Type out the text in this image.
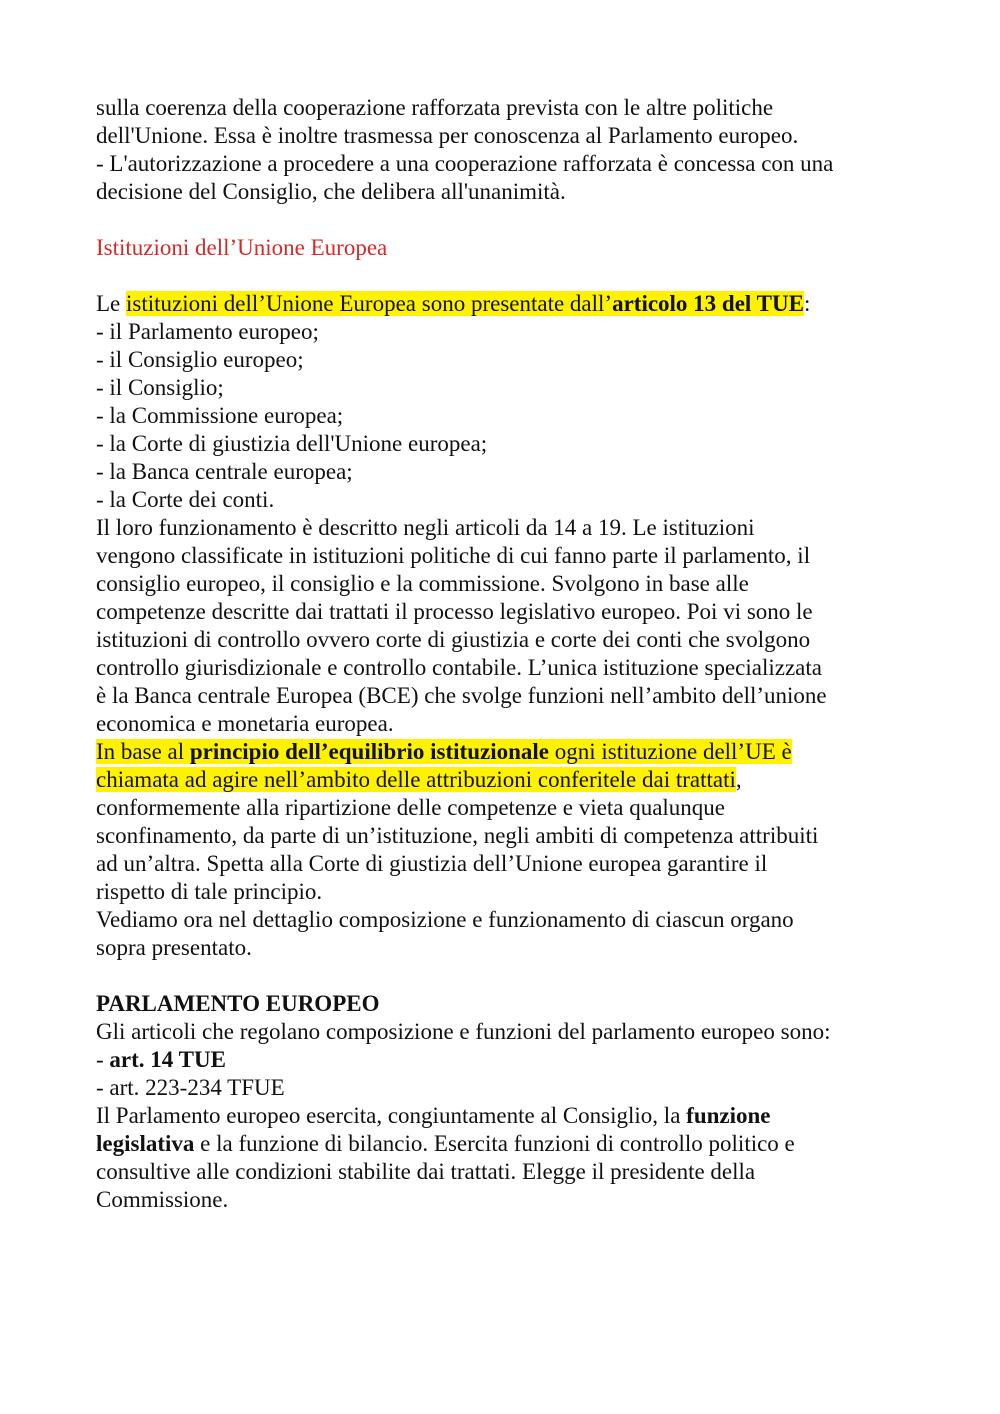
sulla coerenza della cooperazione rafforzata prevista con le altre politiche
dell'Unione. Essa è inoltre trasmessa per conoscenza al Parlamento europeo.
- L'autorizzazione a procedere a una cooperazione rafforzata è concessa con una
decisione del Consiglio, che delibera all'unanimità.
Istituzioni dell’Unione Europea
Le istituzioni dell’Unione Europea sono presentate dall’articolo 13 del TUE:
- il Parlamento europeo;
- il Consiglio europeo;
- il Consiglio;
- la Commissione europea;
- la Corte di giustizia dell'Unione europea;
- la Banca centrale europea;
- la Corte dei conti.
Il loro funzionamento è descritto negli articoli da 14 a 19. Le istituzioni
vengono classificate in istituzioni politiche di cui fanno parte il parlamento, il
consiglio europeo, il consiglio e la commissione. Svolgono in base alle
competenze descritte dai trattati il processo legislativo europeo. Poi vi sono le
istituzioni di controllo ovvero corte di giustizia e corte dei conti che svolgono
controllo giurisdizionale e controllo contabile. L’unica istituzione specializzata
è la Banca centrale Europea (BCE) che svolge funzioni nell’ambito dell’unione
economica e monetaria europea.
In base al principio dell’equilibrio istituzionale ogni istituzione dell’UE è
chiamata ad agire nell’ambito delle attribuzioni conferitele dai trattati,
conformemente alla ripartizione delle competenze e vieta qualunque
sconfinamento, da parte di un’istituzione, negli ambiti di competenza attribuiti
ad un’altra. Spetta alla Corte di giustizia dell’Unione europea garantire il
rispetto di tale principio.
Vediamo ora nel dettaglio composizione e funzionamento di ciascun organo
sopra presentato.
PARLAMENTO EUROPEO
Gli articoli che regolano composizione e funzioni del parlamento europeo sono:
- art. 14 TUE
- art. 223-234 TFUE
Il Parlamento europeo esercita, congiuntamente al Consiglio, la funzione
legislativa e la funzione di bilancio. Esercita funzioni di controllo politico e
consultive alle condizioni stabilite dai trattati. Elegge il presidente della
Commissione.
